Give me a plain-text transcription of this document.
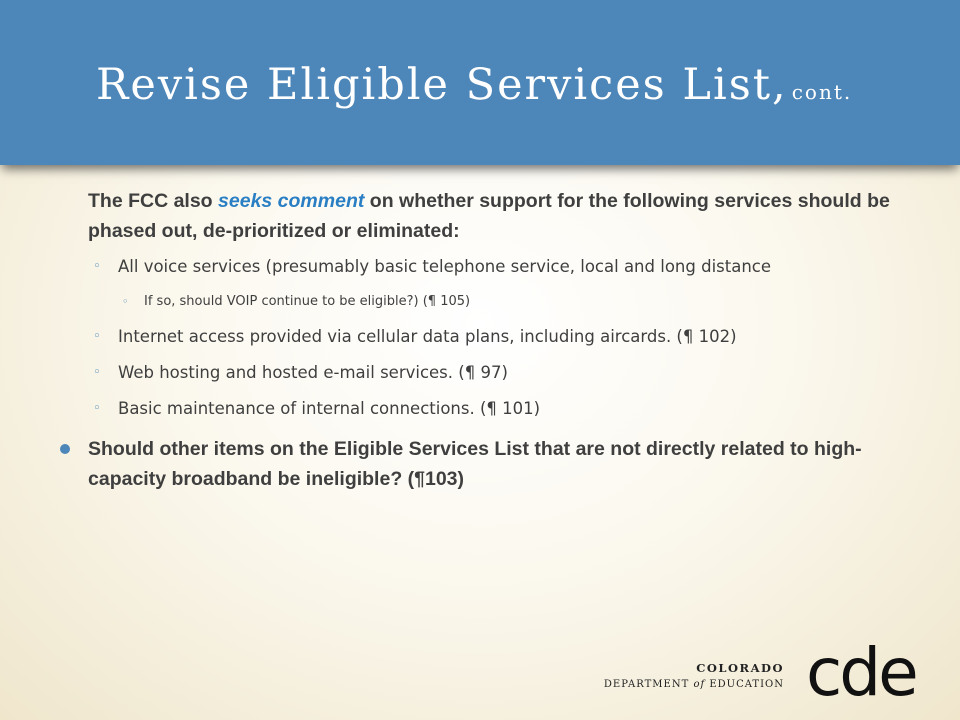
Revise Eligible Services List, cont.

The FCC also seeks comment on whether support for the following services should be phased out, de-prioritized or eliminated:

◦ All voice services (presumably basic telephone service, local and long distance
◦ If so, should VOIP continue to be eligible?) (¶ 105)
◦ Internet access provided via cellular data plans, including aircards. (¶ 102)
◦ Web hosting and hosted e-mail services. (¶ 97)
◦ Basic maintenance of internal connections. (¶ 101)
Should other items on the Eligible Services List that are not directly related to high-capacity broadband be ineligible? (¶103)
COLORADO
DEPARTMENT of EDUCATION cde
